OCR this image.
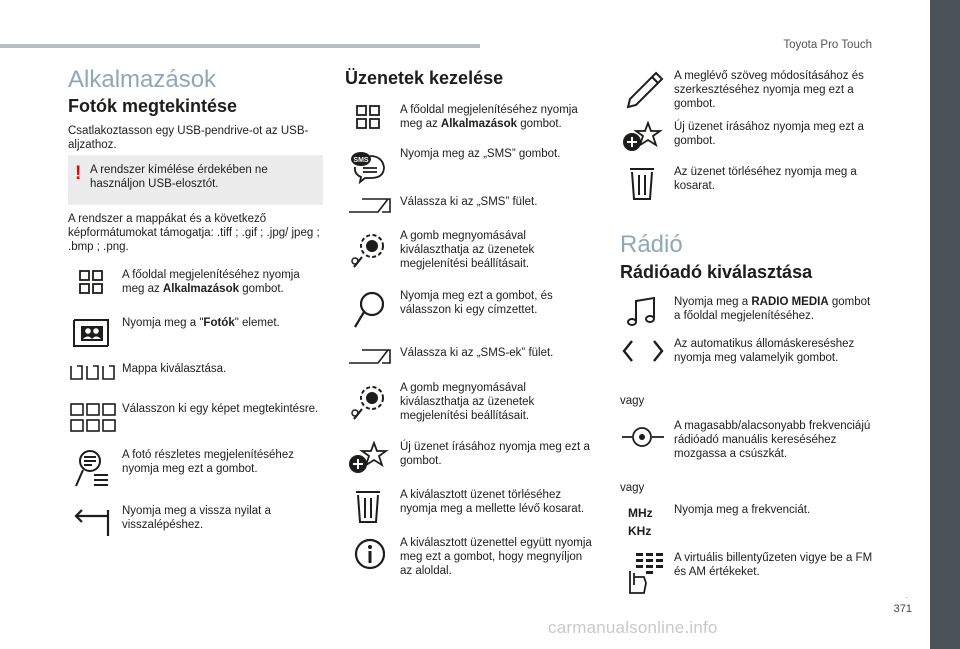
Toyota Pro Touch
.
371
Alkalmazások
Fotók megtekintése
Csatlakoztasson egy USB-pendrive-ot az USB-aljzathoz.
! A rendszer kímélése érdekében ne használjon USB-elosztót.
A rendszer a mappákat és a következő képformátumokat támogatja: .tiff ; .gif ; .jpg/ jpeg ; .bmp ; .png.
A főoldal megjelenítéséhez nyomja meg az Alkalmazások gombot.
Nyomja meg a "Fotók" elemet.
Mappa kiválasztása.
Válasszon ki egy képet megtekintésre.
A fotó részletes megjelenítéséhez nyomja meg ezt a gombot.
Nyomja meg a vissza nyilat a visszalépéshez.
Üzenetek kezelése
A főoldal megjelenítéséhez nyomja meg az Alkalmazások gombot.
SMS
Nyomja meg az „SMS” gombot.
Válassza ki az „SMS” fület.
A gomb megnyomásával kiválaszthatja az üzenetek megjelenítési beállításait.
Nyomja meg ezt a gombot, és válasszon ki egy címzettet.
Válassza ki az „SMS-ek” fület.
A gomb megnyomásával kiválaszthatja az üzenetek megjelenítési beállításait.
Új üzenet írásához nyomja meg ezt a gombot.
A kiválasztott üzenet törléséhez nyomja meg a mellette lévő kosarat.
A kiválasztott üzenettel együtt nyomja meg ezt a gombot, hogy megnyíljon az aloldal.
A meglévő szöveg módosításához és szerkesztéséhez nyomja meg ezt a gombot.
Új üzenet írásához nyomja meg ezt a gombot.
Az üzenet törléséhez nyomja meg a kosarat.
Rádió
Rádióadó kiválasztása
Nyomja meg a RADIO MEDIA gombot a főoldal megjelenítéséhez.
Az automatikus állomáskereséshez nyomja meg valamelyik gombot.
vagy
A magasabb/alacsonyabb frekvenciájú rádióadó manuális kereséséhez mozgassa a csúszkát.
vagy
MHz
KHz
Nyomja meg a frekvenciát.
A virtuális billentyűzeten vigye be a FM és AM értékeket.
carmanualsonline.info
